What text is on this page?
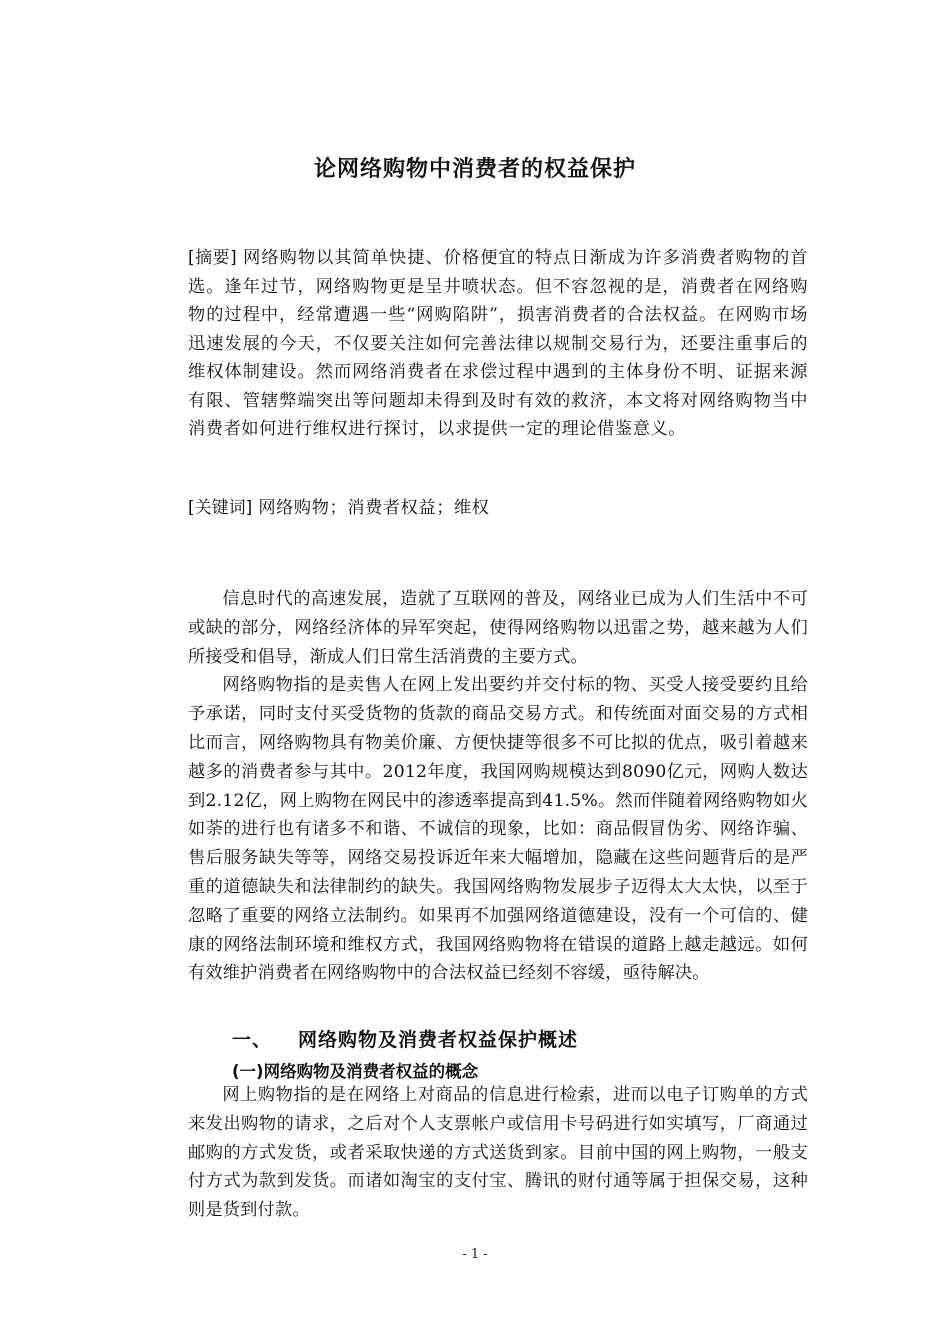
论网络购物中消费者的权益保护
[摘要] 网络购物以其简单快捷、价格便宜的特点日渐成为许多消费者购物的首选。逢年过节，网络购物更是呈井喷状态。但不容忽视的是，消费者在网络购物的过程中，经常遭遇一些“网购陷阱”，损害消费者的合法权益。在网购市场迅速发展的今天，不仅要关注如何完善法律以规制交易行为，还要注重事后的维权体制建设。然而网络消费者在求偿过程中遇到的主体身份不明、证据来源有限、管辖弊端突出等问题却未得到及时有效的救济，本文将对网络购物当中消费者如何进行维权进行探讨，以求提供一定的理论借鉴意义。
[关键词] 网络购物；消费者权益；维权

信息时代的高速发展，造就了互联网的普及，网络业已成为人们生活中不可或缺的部分，网络经济体的异军突起，使得网络购物以迅雷之势，越来越为人们所接受和倡导，渐成人们日常生活消费的主要方式。

网络购物指的是卖售人在网上发出要约并交付标的物、买受人接受要约且给予承诺，同时支付买受货物的货款的商品交易方式。和传统面对面交易的方式相比而言，网络购物具有物美价廉、方便快捷等很多不可比拟的优点，吸引着越来越多的消费者参与其中。2012年度，我国网购规模达到8090亿元，网购人数达到2.12亿，网上购物在网民中的渗透率提高到41.5%。然而伴随着网络购物如火如荼的进行也有诸多不和谐、不诚信的现象，比如：商品假冒伪劣、网络诈骗、售后服务缺失等等，网络交易投诉近年来大幅增加，隐藏在这些问题背后的是严重的道德缺失和法律制约的缺失。我国网络购物发展步子迈得太大太快，以至于忽略了重要的网络立法制约。如果再不加强网络道德建设，没有一个可信的、健康的网络法制环境和维权方式，我国网络购物将在错误的道路上越走越远。如何有效维护消费者在网络购物中的合法权益已经刻不容缓，亟待解决。

一、 网络购物及消费者权益保护概述
(一)网络购物及消费者权益的概念

网上购物指的是在网络上对商品的信息进行检索，进而以电子订购单的方式来发出购物的请求，之后对个人支票帐户或信用卡号码进行如实填写，厂商通过邮购的方式发货，或者采取快递的方式送货到家。目前中国的网上购物，一般支付方式为款到发货。而诸如淘宝的支付宝、腾讯的财付通等属于担保交易，这种则是货到付款。

- 1 -
